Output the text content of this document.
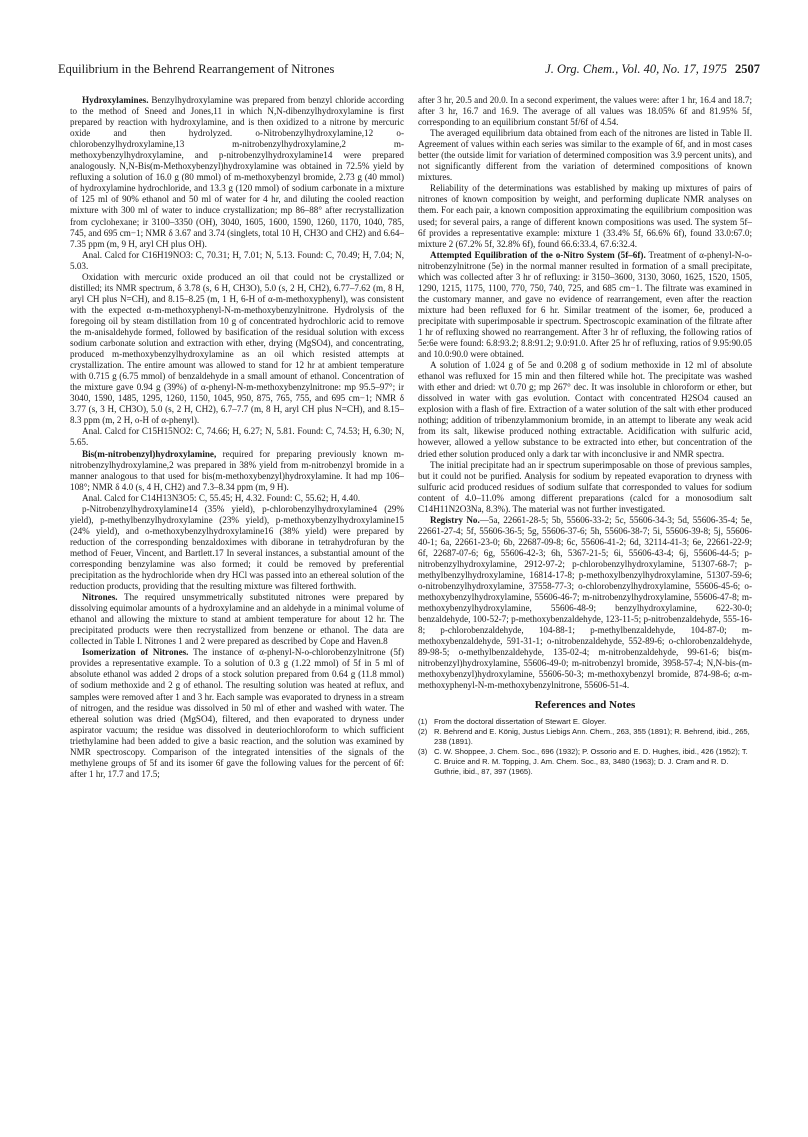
Equilibrium in the Behrend Rearrangement of Nitrones	J. Org. Chem., Vol. 40, No. 17, 1975 2507

Hydroxylamines. Benzylhydroxylamine was prepared from benzyl chloride according to the method of Sneed and Jones,11 in which N,N-dibenzylhydroxylamine is first prepared by reaction with hydroxylamine, and is then oxidized to a nitrone by mercuric oxide and then hydrolyzed. o-Nitrobenzylhydroxylamine,12 o-chlorobenzylhydroxylamine,13 m-nitrobenzylhydroxylamine,2 m-methoxybenzylhydroxylamine, and p-nitrobenzylhydroxylamine14 were prepared analogously. N,N-Bis(m-Methoxybenzyl)hydroxylamine was obtained in 72.5% yield by refluxing a solution of 16.0 g (80 mmol) of m-methoxybenzyl bromide, 2.73 g (40 mmol) of hydroxylamine hydrochloride, and 13.3 g (120 mmol) of sodium carbonate in a mixture of 125 ml of 90% ethanol and 50 ml of water for 4 hr, and diluting the cooled reaction mixture with 300 ml of water to induce crystallization; mp 86–88° after recrystallization from cyclohexane; ir 3100–3350 (OH), 3040, 1605, 1600, 1590, 1260, 1170, 1040, 785, 745, and 695 cm−1; NMR δ 3.67 and 3.74 (singlets, total 10 H, CH3O and CH2) and 6.64–7.35 ppm (m, 9 H, aryl CH plus OH).

Anal. Calcd for C16H19NO3: C, 70.31; H, 7.01; N, 5.13. Found: C, 70.49; H, 7.04; N, 5.03.

Oxidation with mercuric oxide produced an oil that could not be crystallized or distilled; its NMR spectrum, δ 3.78 (s, 6 H, CH3O), 5.0 (s, 2 H, CH2), 6.77–7.62 (m, 8 H, aryl CH plus N=CH), and 8.15–8.25 (m, 1 H, 6-H of α-m-methoxyphenyl), was consistent with the expected α-m-methoxyphenyl-N-m-methoxybenzylnitrone. Hydrolysis of the foregoing oil by steam distillation from 10 g of concentrated hydrochloric acid to remove the m-anisaldehyde formed, followed by basification of the residual solution with excess sodium carbonate solution and extraction with ether, drying (MgSO4), and concentrating, produced m-methoxybenzylhydroxylamine as an oil which resisted attempts at crystallization. The entire amount was allowed to stand for 12 hr at ambient temperature with 0.715 g (6.75 mmol) of benzaldehyde in a small amount of ethanol. Concentration of the mixture gave 0.94 g (39%) of α-phenyl-N-m-methoxybenzylnitrone: mp 95.5–97°; ir 3040, 1590, 1485, 1295, 1260, 1150, 1045, 950, 875, 765, 755, and 695 cm−1; NMR δ 3.77 (s, 3 H, CH3O), 5.0 (s, 2 H, CH2), 6.7–7.7 (m, 8 H, aryl CH plus N=CH), and 8.15–8.3 ppm (m, 2 H, o-H of α-phenyl).

Anal. Calcd for C15H15NO2: C, 74.66; H, 6.27; N, 5.81. Found: C, 74.53; H, 6.30; N, 5.65.

Bis(m-nitrobenzyl)hydroxylamine, required for preparing previously known m-nitrobenzylhydroxylamine,2 was prepared in 38% yield from m-nitrobenzyl bromide in a manner analogous to that used for bis(m-methoxybenzyl)hydroxylamine. It had mp 106–108°; NMR δ 4.0 (s, 4 H, CH2) and 7.3–8.34 ppm (m, 9 H).

Anal. Calcd for C14H13N3O5: C, 55.45; H, 4.32. Found: C, 55.62; H, 4.40.

p-Nitrobenzylhydroxylamine14 (35% yield), p-chlorobenzylhydroxylamine4 (29% yield), p-methylbenzylhydroxylamine (23% yield), p-methoxybenzylhydroxylamine15 (24% yield), and o-methoxybenzylhydroxylamine16 (38% yield) were prepared by reduction of the corresponding benzaldoximes with diborane in tetrahydrofuran by the method of Feuer, Vincent, and Bartlett.17 In several instances, a substantial amount of the corresponding benzylamine was also formed; it could be removed by preferential precipitation as the hydrochloride when dry HCl was passed into an ethereal solution of the reduction products, providing that the resulting mixture was filtered forthwith.

Nitrones. The required unsymmetrically substituted nitrones were prepared by dissolving equimolar amounts of a hydroxylamine and an aldehyde in a minimal volume of ethanol and allowing the mixture to stand at ambient temperature for about 12 hr. The precipitated products were then recrystallized from benzene or ethanol. The data are collected in Table I. Nitrones 1 and 2 were prepared as described by Cope and Haven.8

Isomerization of Nitrones. The instance of α-phenyl-N-o-chlorobenzylnitrone (5f) provides a representative example. To a solution of 0.3 g (1.22 mmol) of 5f in 5 ml of absolute ethanol was added 2 drops of a stock solution prepared from 0.64 g (11.8 mmol) of sodium methoxide and 2 g of ethanol. The resulting solution was heated at reflux, and samples were removed after 1 and 3 hr. Each sample was evaporated to dryness in a stream of nitrogen, and the residue was dissolved in 50 ml of ether and washed with water. The ethereal solution was dried (MgSO4), filtered, and then evaporated to dryness under aspirator vacuum; the residue was dissolved in deuteriochloroform to which sufficient triethylamine had been added to give a basic reaction, and the solution was examined by NMR spectroscopy. Comparison of the integrated intensities of the signals of the methylene groups of 5f and its isomer 6f gave the following values for the percent of 6f: after 1 hr, 17.7 and 17.5;

after 3 hr, 20.5 and 20.0. In a second experiment, the values were: after 1 hr, 16.4 and 18.7; after 3 hr, 16.7 and 16.9. The average of all values was 18.05% 6f and 81.95% 5f, corresponding to an equilibrium constant 5f/6f of 4.54.

The averaged equilibrium data obtained from each of the nitrones are listed in Table II. Agreement of values within each series was similar to the example of 6f, and in most cases better (the outside limit for variation of determined composition was 3.9 percent units), and not significantly different from the variation of determined compositions of known mixtures.

Reliability of the determinations was established by making up mixtures of pairs of nitrones of known composition by weight, and performing duplicate NMR analyses on them. For each pair, a known composition approximating the equilibrium composition was used; for several pairs, a range of different known compositions was used. The system 5f–6f provides a representative example: mixture 1 (33.4% 5f, 66.6% 6f), found 33.0:67.0; mixture 2 (67.2% 5f, 32.8% 6f), found 66.6:33.4, 67.6:32.4.

Attempted Equilibration of the o-Nitro System (5f–6f). Treatment of α-phenyl-N-o-nitrobenzylnitrone (5e) in the normal manner resulted in formation of a small precipitate, which was collected after 3 hr of refluxing: ir 3150–3600, 3130, 3060, 1625, 1520, 1505, 1290, 1215, 1175, 1100, 770, 750, 740, 725, and 685 cm−1. The filtrate was examined in the customary manner, and gave no evidence of rearrangement, even after the reaction mixture had been refluxed for 6 hr. Similar treatment of the isomer, 6e, produced a precipitate with superimposable ir spectrum. Spectroscopic examination of the filtrate after 1 hr of refluxing showed no rearrangement. After 3 hr of refluxing, the following ratios of 5e:6e were found: 6.8:93.2; 8.8:91.2; 9.0:91.0. After 25 hr of refluxing, ratios of 9.95:90.05 and 10.0:90.0 were obtained.

A solution of 1.024 g of 5e and 0.208 g of sodium methoxide in 12 ml of absolute ethanol was refluxed for 15 min and then filtered while hot. The precipitate was washed with ether and dried: wt 0.70 g; mp 267° dec. It was insoluble in chloroform or ether, but dissolved in water with gas evolution. Contact with concentrated H2SO4 caused an explosion with a flash of fire. Extraction of a water solution of the salt with ether produced nothing; addition of tribenzylammonium bromide, in an attempt to liberate any weak acid from its salt, likewise produced nothing extractable. Acidification with sulfuric acid, however, allowed a yellow substance to be extracted into ether, but concentration of the dried ether solution produced only a dark tar with inconclusive ir and NMR spectra.

The initial precipitate had an ir spectrum superimposable on those of previous samples, but it could not be purified. Analysis for sodium by repeated evaporation to dryness with sulfuric acid produced residues of sodium sulfate that corresponded to values for sodium content of 4.0–11.0% among different preparations (calcd for a monosodium salt C14H11N2O3Na, 8.3%). The material was not further investigated.

Registry No.—5a, 22661-28-5; 5b, 55606-33-2; 5c, 55606-34-3; 5d, 55606-35-4; 5e, 22661-27-4; 5f, 55606-36-5; 5g, 55606-37-6; 5h, 55606-38-7; 5i, 55606-39-8; 5j, 55606-40-1; 6a, 22661-23-0; 6b, 22687-09-8; 6c, 55606-41-2; 6d, 32114-41-3; 6e, 22661-22-9; 6f, 22687-07-6; 6g, 55606-42-3; 6h, 5367-21-5; 6i, 55606-43-4; 6j, 55606-44-5; p-nitrobenzylhydroxylamine, 2912-97-2; p-chlorobenzylhydroxylamine, 51307-68-7; p-methylbenzylhydroxylamine, 16814-17-8; p-methoxylbenzylhydroxylamine, 51307-59-6; o-nitrobenzylhydroxylamine, 37558-77-3; o-chlorobenzylhydroxylamine, 55606-45-6; o-methoxybenzylhydroxylamine, 55606-46-7; m-nitrobenzylhydroxylamine, 55606-47-8; m-methoxybenzylhydroxylamine, 55606-48-9; benzylhydroxylamine, 622-30-0; benzaldehyde, 100-52-7; p-methoxybenzaldehyde, 123-11-5; p-nitrobenzaldehyde, 555-16-8; p-chlorobenzaldehyde, 104-88-1; p-methylbenzaldehyde, 104-87-0; m-methoxybenzaldehyde, 591-31-1; o-nitrobenzaldehyde, 552-89-6; o-chlorobenzaldehyde, 89-98-5; o-methylbenzaldehyde, 135-02-4; m-nitrobenzaldehyde, 99-61-6; bis(m-nitrobenzyl)hydroxylamine, 55606-49-0; m-nitrobenzyl bromide, 3958-57-4; N,N-bis-(m-methoxybenzyl)hydroxylamine, 55606-50-3; m-methoxybenzyl bromide, 874-98-6; α-m-methoxyphenyl-N-m-methoxybenzylnitrone, 55606-51-4.

References and Notes
(1) From the doctoral dissertation of Stewart E. Gloyer.
(2) R. Behrend and E. König, Justus Liebigs Ann. Chem., 263, 355 (1891); R. Behrend, ibid., 265, 238 (1891).
(3) C. W. Shoppee, J. Chem. Soc., 696 (1932); P. Ossorio and E. D. Hughes, ibid., 426 (1952); T. C. Bruice and R. M. Topping, J. Am. Chem. Soc., 83, 3480 (1963); D. J. Cram and R. D. Guthrie, ibid., 87, 397 (1965).
